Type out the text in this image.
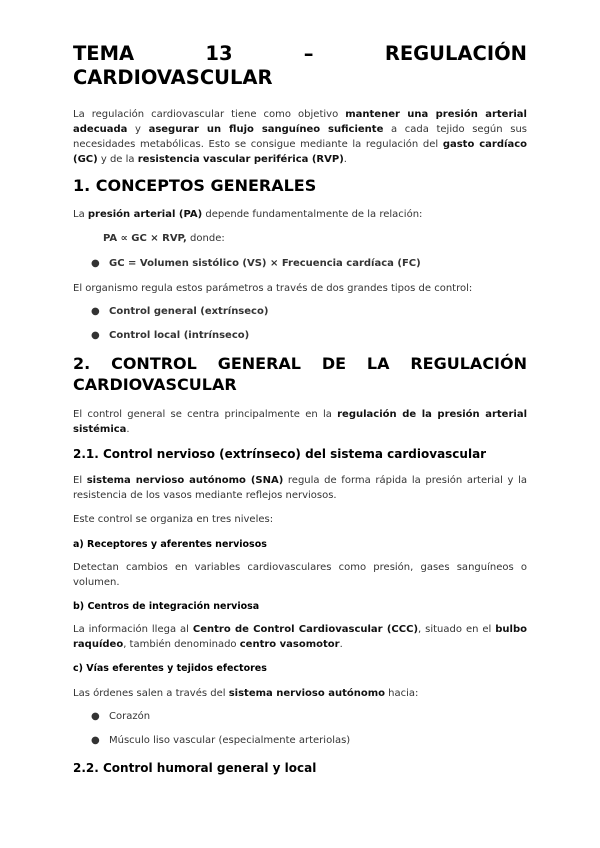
TEMA	13	–	REGULACIÓN
CARDIOVASCULAR

La regulación cardiovascular tiene como objetivo mantener una presión arterial adecuada y asegurar un flujo sanguíneo suficiente a cada tejido según sus necesidades metabólicas. Esto se consigue mediante la regulación del gasto cardíaco (GC) y de la resistencia vascular periférica (RVP).

1. CONCEPTOS GENERALES

La presión arterial (PA) depende fundamentalmente de la relación:

PA ∝ GC × RVP, donde:

● GC = Volumen sistólico (VS) × Frecuencia cardíaca (FC)

El organismo regula estos parámetros a través de dos grandes tipos de control:

● Control general (extrínseco)
● Control local (intrínseco)
2. CONTROL GENERAL DE LA REGULACIÓN
CARDIOVASCULAR

El control general se centra principalmente en la regulación de la presión arterial sistémica.

2.1. Control nervioso (extrínseco) del sistema cardiovascular

El sistema nervioso autónomo (SNA) regula de forma rápida la presión arterial y la resistencia de los vasos mediante reflejos nerviosos.

Este control se organiza en tres niveles:

a) Receptores y aferentes nerviosos

Detectan cambios en variables cardiovasculares como presión, gases sanguíneos o volumen.

b) Centros de integración nerviosa

La información llega al Centro de Control Cardiovascular (CCC), situado en el bulbo raquídeo, también denominado centro vasomotor.

c) Vías eferentes y tejidos efectores

Las órdenes salen a través del sistema nervioso autónomo hacia:

● Corazón
● Músculo liso vascular (especialmente arteriolas)
2.2. Control humoral general y local
